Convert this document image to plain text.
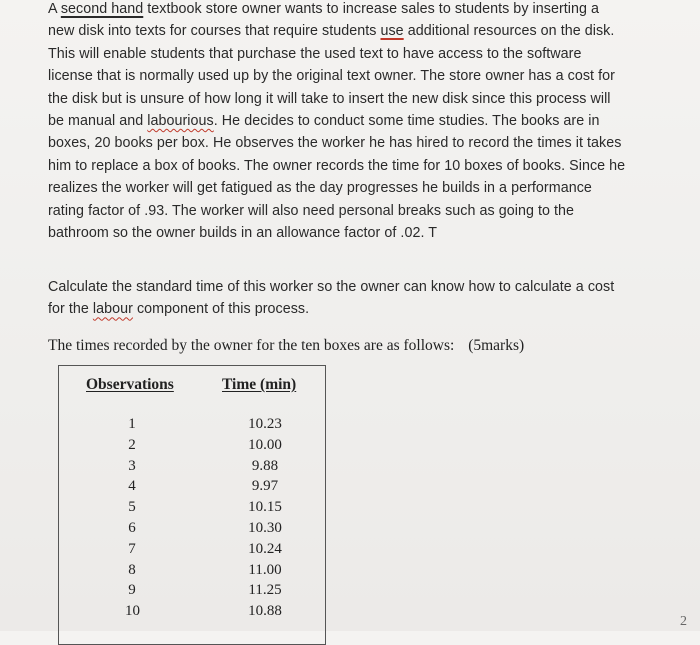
A second hand textbook store owner wants to increase sales to students by inserting a

new disk into texts for courses that require students use additional resources on the disk.

This will enable students that purchase the used text to have access to the software

license that is normally used up by the original text owner. The store owner has a cost for

the disk but is unsure of how long it will take to insert the new disk since this process will

be manual and labourious. He decides to conduct some time studies. The books are in

boxes, 20 books per box. He observes the worker he has hired to record the times it takes

him to replace a box of books. The owner records the time for 10 boxes of books. Since he

realizes the worker will get fatigued as the day progresses he builds in a performance

rating factor of .93. The worker will also need personal breaks such as going to the

bathroom so the owner builds in an allowance factor of .02. T

Calculate the standard time of this worker so the owner can know how to calculate a cost

for the labour component of this process.

The times recorded by the owner for the ten boxes are as follows: (5marks)
Observations	Time (min)
1	10.23
2	10.00
3	9.88
4	9.97
5	10.15
6	10.30
7	10.24
8	11.00
9	11.25
10	10.88
2
